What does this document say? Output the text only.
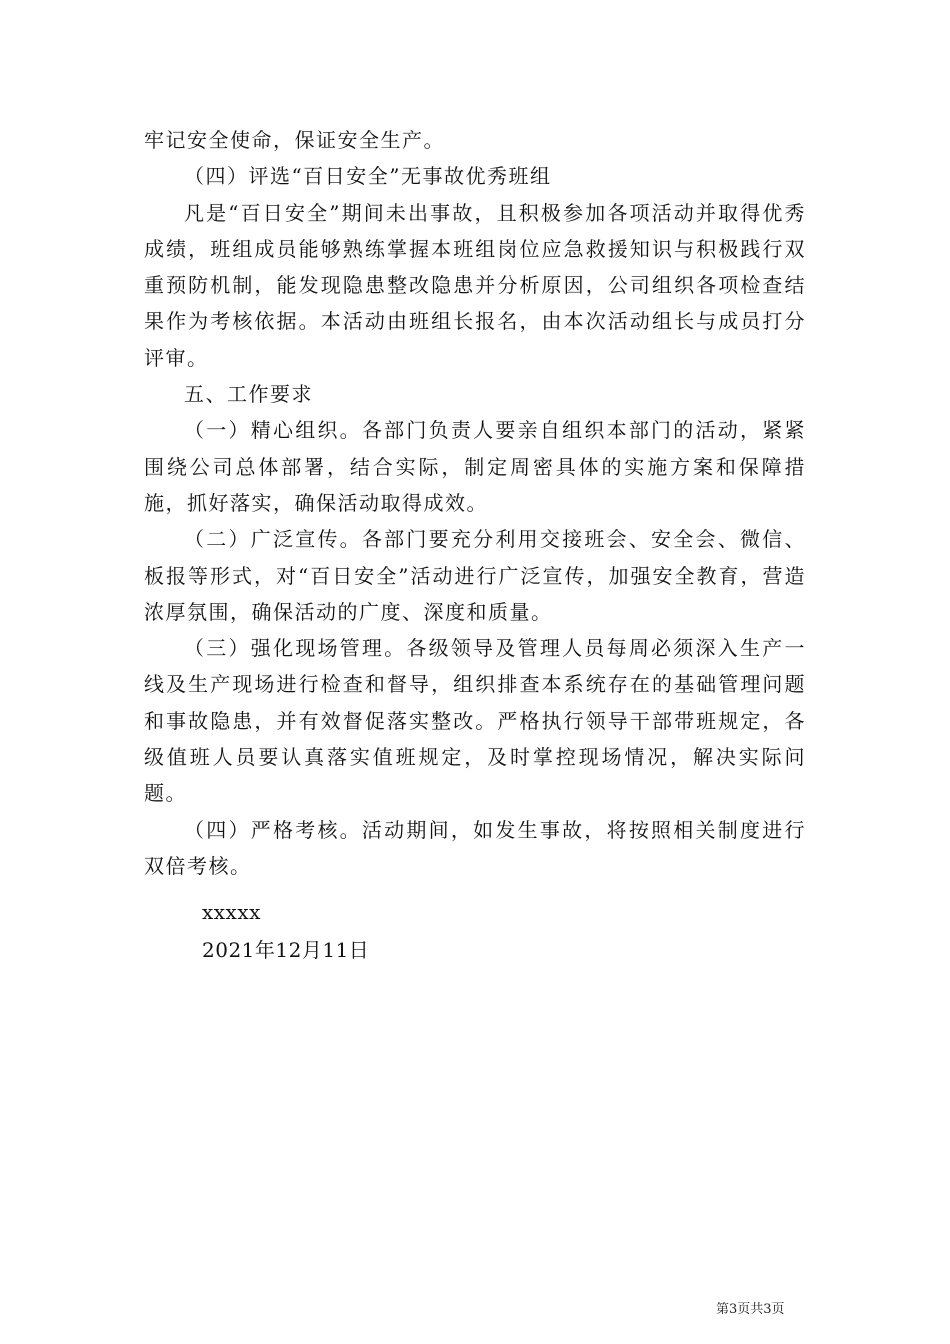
牢记安全使命，保证安全生产。

（四）评选“百日安全”无事故优秀班组

凡是“百日安全”期间未出事故，且积极参加各项活动并取得优秀成绩，班组成员能够熟练掌握本班组岗位应急救援知识与积极践行双重预防机制，能发现隐患整改隐患并分析原因，公司组织各项检查结果作为考核依据。本活动由班组长报名，由本次活动组长与成员打分评审。

五、工作要求

（一）精心组织。各部门负责人要亲自组织本部门的活动，紧紧围绕公司总体部署，结合实际，制定周密具体的实施方案和保障措施，抓好落实，确保活动取得成效。

（二）广泛宣传。各部门要充分利用交接班会、安全会、微信、板报等形式，对“百日安全”活动进行广泛宣传，加强安全教育，营造浓厚氛围，确保活动的广度、深度和质量。

（三）强化现场管理。各级领导及管理人员每周必须深入生产一线及生产现场进行检查和督导，组织排查本系统存在的基础管理问题和事故隐患，并有效督促落实整改。严格执行领导干部带班规定，各级值班人员要认真落实值班规定，及时掌控现场情况，解决实际问题。

（四）严格考核。活动期间，如发生事故，将按照相关制度进行双倍考核。

xxxxx
2021年12月11日
第3页共3页
